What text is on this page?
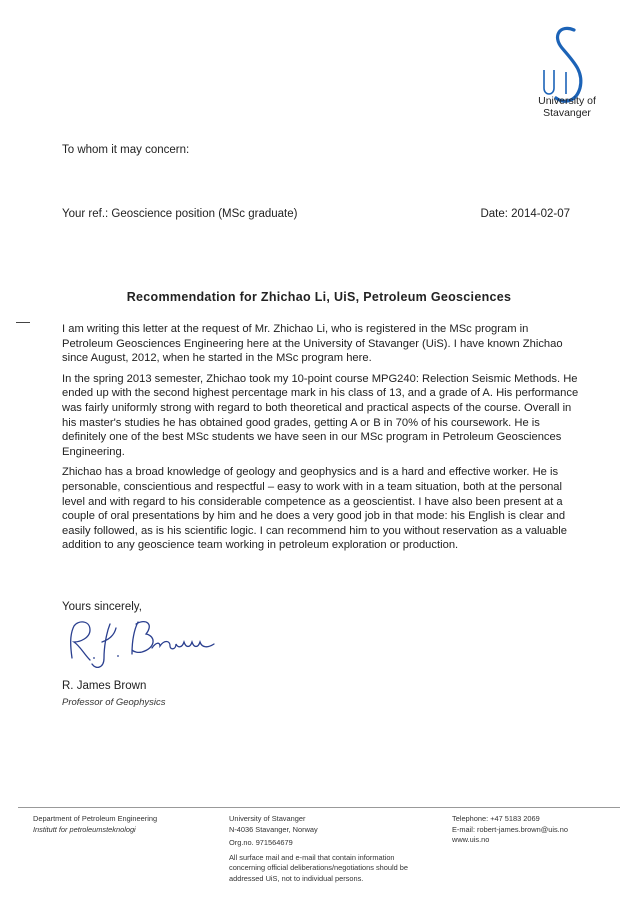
University of
Stavanger
To whom it may concern:
Your ref.: Geoscience position (MSc graduate)	Date: 2014-02-07
Recommendation for Zhichao Li, UiS, Petroleum Geosciences

I am writing this letter at the request of Mr. Zhichao Li, who is registered in the MSc program in Petroleum Geosciences Engineering here at the University of Stavanger (UiS). I have known Zhichao since August, 2012, when he started in the MSc program here.

In the spring 2013 semester, Zhichao took my 10-point course MPG240: Relection Seismic Methods. He ended up with the second highest percentage mark in his class of 13, and a grade of A. His performance was fairly uniformly strong with regard to both theoretical and practical aspects of the course. Overall in his master's studies he has obtained good grades, getting A or B in 70% of his coursework. He is definitely one of the best MSc students we have seen in our MSc program in Petroleum Geosciences Engineering.

Zhichao has a broad knowledge of geology and geophysics and is a hard and effective worker. He is personable, conscientious and respectful – easy to work with in a team situation, both at the personal level and with regard to his considerable competence as a geoscientist. I have also been present at a couple of oral presentations by him and he does a very good job in that mode: his English is clear and easily followed, as is his scientific logic. I can recommend him to you without reservation as a valuable addition to any geoscience team working in petroleum exploration or production.

Yours sincerely,
R. James Brown
Professor of Geophysics
Department of Petroleum Engineering
Institutt for petroleumsteknologi
University of Stavanger
N-4036 Stavanger, Norway
Org.no. 971564679
All surface mail and e-mail that contain information concerning official deliberations/negotiations should be addressed UiS, not to individual persons.
Telephone: +47 5183 2069
E-mail: robert-james.brown@uis.no
www.uis.no
